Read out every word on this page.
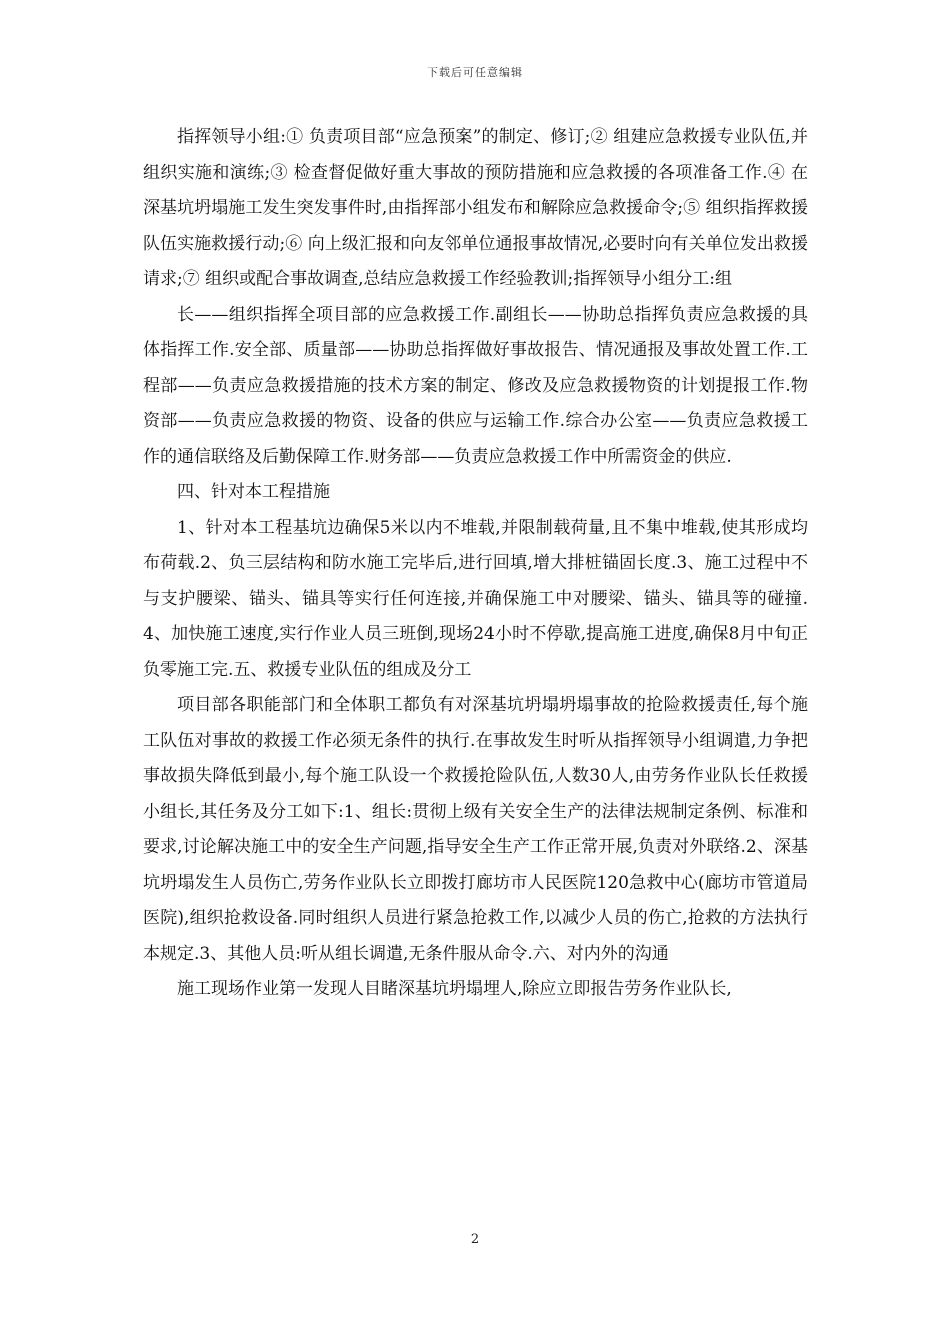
下载后可任意编辑

指挥领导小组:① 负责项目部“应急预案”的制定、修订;② 组建应急救援专业队伍,并组织实施和演练;③ 检查督促做好重大事故的预防措施和应急救援的各项准备工作.④ 在深基坑坍塌施工发生突发事件时,由指挥部小组发布和解除应急救援命令;⑤ 组织指挥救援队伍实施救援行动;⑥ 向上级汇报和向友邻单位通报事故情况,必要时向有关单位发出救援请求;⑦ 组织或配合事故调查,总结应急救援工作经验教训;指挥领导小组分工:组

长——组织指挥全项目部的应急救援工作.副组长——协助总指挥负责应急救援的具体指挥工作.安全部、质量部——协助总指挥做好事故报告、情况通报及事故处置工作.工程部——负责应急救援措施的技术方案的制定、修改及应急救援物资的计划提报工作.物资部——负责应急救援的物资、设备的供应与运输工作.综合办公室——负责应急救援工作的通信联络及后勤保障工作.财务部——负责应急救援工作中所需资金的供应.

四、针对本工程措施

1、针对本工程基坑边确保5米以内不堆载,并限制载荷量,且不集中堆载,使其形成均布荷载.2、负三层结构和防水施工完毕后,进行回填,增大排桩锚固长度.3、施工过程中不与支护腰梁、锚头、锚具等实行任何连接,并确保施工中对腰梁、锚头、锚具等的碰撞.4、加快施工速度,实行作业人员三班倒,现场24小时不停歇,提高施工进度,确保8月中旬正负零施工完.五、救援专业队伍的组成及分工

项目部各职能部门和全体职工都负有对深基坑坍塌坍塌事故的抢险救援责任,每个施工队伍对事故的救援工作必须无条件的执行.在事故发生时听从指挥领导小组调遣,力争把事故损失降低到最小,每个施工队设一个救援抢险队伍,人数30人,由劳务作业队长任救援小组长,其任务及分工如下:1、组长:贯彻上级有关安全生产的法律法规制定条例、标准和要求,讨论解决施工中的安全生产问题,指导安全生产工作正常开展,负责对外联络.2、深基坑坍塌发生人员伤亡,劳务作业队长立即拨打廊坊市人民医院120急救中心(廊坊市管道局医院),组织抢救设备.同时组织人员进行紧急抢救工作,以减少人员的伤亡,抢救的方法执行本规定.3、其他人员:听从组长调遣,无条件服从命令.六、对内外的沟通

施工现场作业第一发现人目睹深基坑坍塌埋人,除应立即报告劳务作业队长,

2
